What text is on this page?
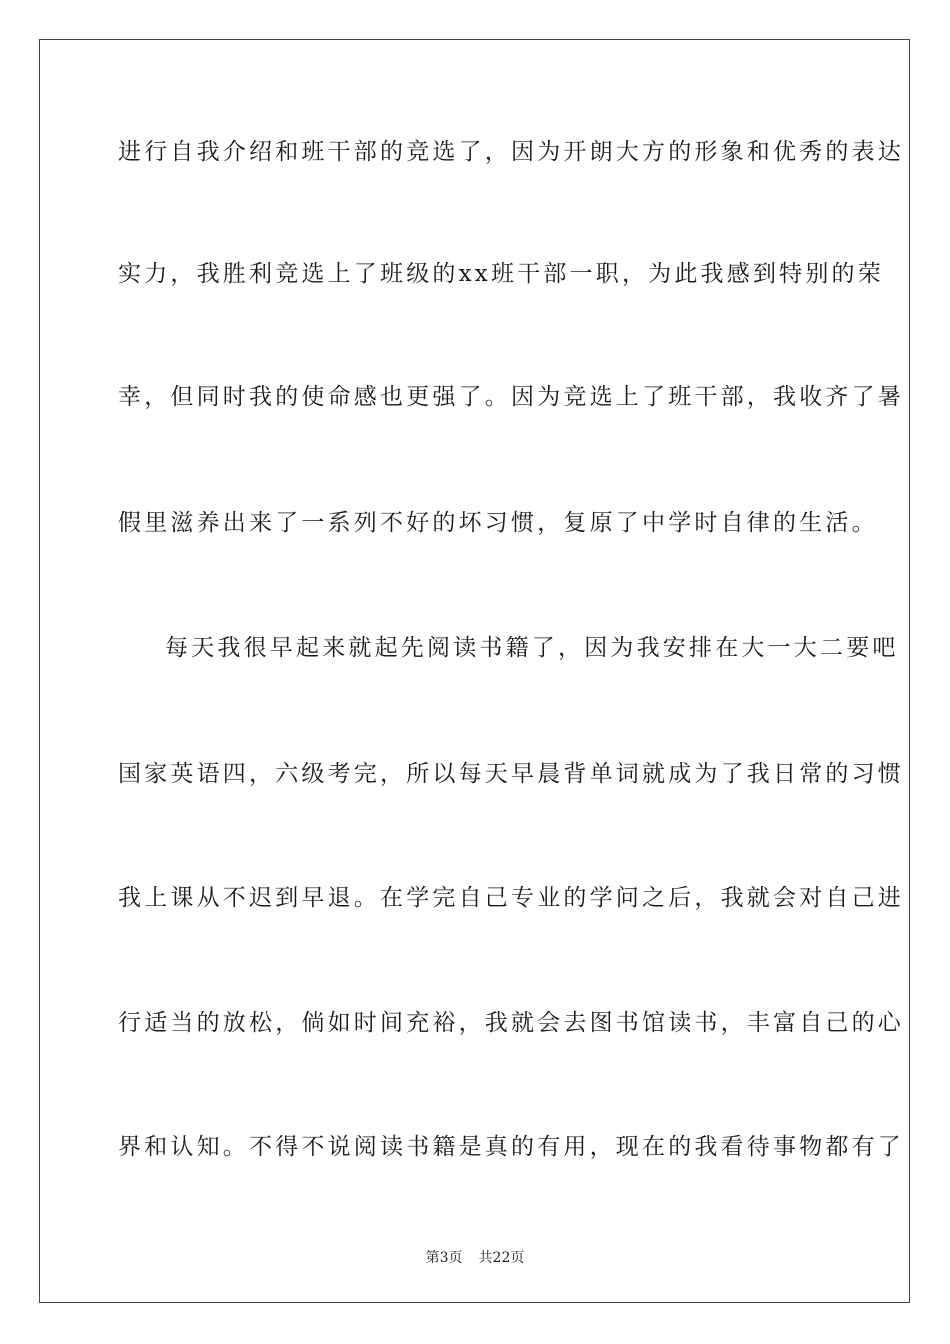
进行自我介绍和班干部的竞选了，因为开朗大方的形象和优秀的表达
实力，我胜利竞选上了班级的xx班干部一职，为此我感到特别的荣
幸，但同时我的使命感也更强了。因为竞选上了班干部，我收齐了暑
假里滋养出来了一系列不好的坏习惯，复原了中学时自律的生活。
每天我很早起来就起先阅读书籍了，因为我安排在大一大二要吧
国家英语四，六级考完，所以每天早晨背单词就成为了我日常的习惯
我上课从不迟到早退。在学完自己专业的学问之后，我就会对自己进
行适当的放松，倘如时间充裕，我就会去图书馆读书，丰富自己的心
界和认知。不得不说阅读书籍是真的有用，现在的我看待事物都有了
第3页 共22页
